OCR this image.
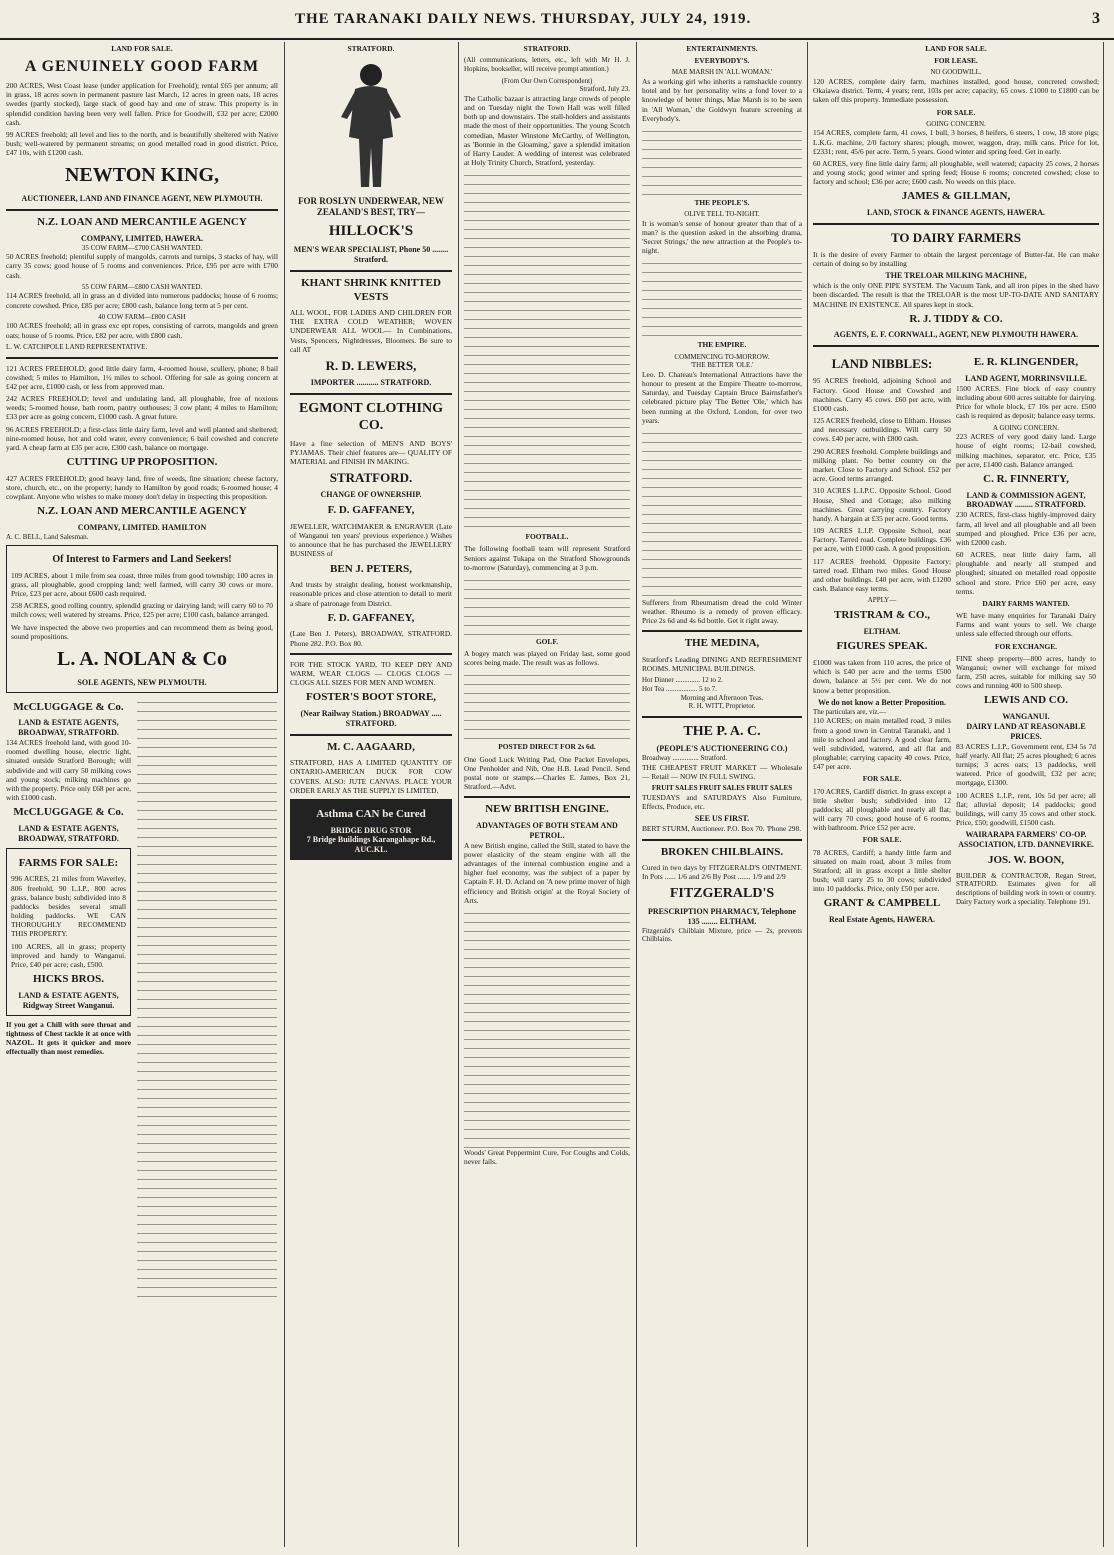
THE TARANAKI DAILY NEWS. THURSDAY, JULY 24, 1919.	3
LAND FOR SALE.
A GENUINELY GOOD FARM

200 ACRES, West Coast lease (under application for Freehold); rental £65 per annum; all in grass, 18 acres sown in permanent pasture last March, 12 acres in green oats, 18 acres swedes (partly stocked), large stack of good hay and one of straw. This property is in splendid condition having been very well fallen. Price for Goodwill, £32 per acre; £2000 cash.

99 ACRES freehold; all level and lies to the north, and is beautifully sheltered with Native bush; well-watered by permanent streams; on good metalled road in good district. Price, £47 10s, with £1200 cash.

NEWTON KING,
AUCTIONEER, LAND AND FINANCE AGENT, NEW PLYMOUTH.
N.Z. LOAN AND MERCANTILE AGENCY
COMPANY, LIMITED, HAWERA.
35 COW FARM—£700 CASH WANTED.

50 ACRES freehold; plentiful supply of mangolds, carrots and turnips, 3 stacks of hay, will carry 35 cows; good house of 5 rooms and conveniences. Price, £95 per acre with £700 cash.

55 COW FARM—£800 CASH WANTED.

114 ACRES freehold, all in grass an d divided into numerous paddocks; house of 6 rooms; concrete cowshed. Price, £85 per acre; £800 cash, balance long term at 5 per cent.

40 COW FARM—£800 CASH

100 ACRES freehold; all in grass exc ept ropes, consisting of carrots, mangolds and green oats; house of 5 rooms. Price, £82 per acre, with £800 cash.

L. W. CATCHPOLE LAND REPRESENTATIVE.

121 ACRES FREEHOLD; good little dairy farm, 4-roomed house, scullery, phone; 8 bail cowshed; 5 miles to Hamilton, 1½ miles to school. Offering for sale as going concern at £42 per acre, £1000 cash, or less from approved man.

242 ACRES FREEHOLD; level and undulating land, all ploughable, free of noxious weeds; 5-roomed house, bath room, pantry outhouses; 3 cow plant; 4 miles to Hamilton; £33 per acre as going concern, £1000 cash. A great future.

96 ACRES FREEHOLD; a first-class little dairy farm, level and well planted and sheltered; nine-roomed house, hot and cold water, every convenience; 6 bail cowshed and concrete yard. A cheap farm at £35 per acre, £300 cash, balance on mortgage.

CUTTING UP PROPOSITION.

427 ACRES FREEHOLD; good heavy land, free of weeds, fine situation; cheese factory, store, church, etc., on the property; handy to Hamilton by good roads; 6-roomed house; 4 cowplant. Anyone who wishes to make money don't delay in inspecting this proposition.

N.Z. LOAN AND MERCANTILE AGENCY
COMPANY, LIMITED. HAMILTON
A. C. BELL, Land Salesman.
Of Interest to Farmers and Land Seekers!

109 ACRES, about 1 mile from sea coast, three miles from good township; 100 acres in grass, all ploughable, good cropping land; well farmed, will carry 30 cows or more. Price, £23 per acre, about £600 cash required.

258 ACRES, good rolling country, splendid grazing or dairying land; will carry 60 to 70 milch cows; well watered by streams. Price, £25 per acre; £100 cash, balance arranged.

We have inspected the above two properties and can recommend them as being good, sound propositions.

L. A. NOLAN & Co
SOLE AGENTS, NEW PLYMOUTH.
McCLUGGAGE & Co.
LAND & ESTATE AGENTS, BROADWAY, STRATFORD.

134 ACRES freehold land, with good 10-roomed dwelling house, electric light, situated outside Stratford Borough; will subdivide and will carry 50 milking cows and young stock; milking machines go with the property. Price only £68 per acre, with £1000 cash.

McCLUGGAGE & Co.
LAND & ESTATE AGENTS, BROADWAY, STRATFORD.
FARMS FOR SALE:

996 ACRES, 21 miles from Waverley, 806 freehold, 90 L.I.P., 800 acres grass, balance bush; subdivided into 8 paddocks besides several small holding paddocks. WE CAN THOROUGHLY RECOMMEND THIS PROPERTY.

100 ACRES, all in grass; property improved and handy to Wanganui. Price, £40 per acre; cash, £500.

HICKS BROS.
LAND & ESTATE AGENTS, Ridgway Street Wanganui.

If you get a Chill with sore throat and tightness of Chest tackle it at once with NAZOL. It gets it quicker and more effectually than most remedies.

STRATFORD.
FOR ROSLYN UNDERWEAR, NEW ZEALAND'S BEST, TRY—
HILLOCK'S
MEN'S WEAR SPECIALIST, Phone 50 ........ Stratford.
KHANT SHRINK KNITTED VESTS

ALL WOOL, FOR LADIES AND CHILDREN FOR THE EXTRA COLD WEATHER; WOVEN UNDERWEAR ALL WOOL— In Combinations, Vests, Spencers, Nightdresses, Bloomers. Be sure to call AT

R. D. LEWERS,
IMPORTER ........... STRATFORD.
EGMONT CLOTHING CO.

Have a fine selection of MEN'S AND BOYS' PYJAMAS. Their chief features are— QUALITY OF MATERIAL and FINISH IN MAKING.

STRATFORD.
CHANGE OF OWNERSHIP.
F. D. GAFFANEY,

JEWELLER, WATCHMAKER & ENGRAVER (Late of Wanganui ten years' previous experience.) Wishes to announce that he has purchased the JEWELLERY BUSINESS of

BEN J. PETERS,

And trusts by straight dealing, honest workmanship, reasonable prices and close attention to detail to merit a share of patronage from District.

F. D. GAFFANEY,

(Late Ben J. Peters), BROADWAY, STRATFORD. Phone 282. P.O. Box 80.

FOR THE STOCK YARD, TO KEEP DRY AND WARM, WEAR CLOGS — CLOGS CLOGS — CLOGS ALL SIZES FOR MEN AND WOMEN.

FOSTER'S BOOT STORE,
(Near Railway Station.) BROADWAY ..... STRATFORD.
M. C. AAGAARD,

STRATFORD, HAS A LIMITED QUANTITY OF ONTARIO-AMERICAN DUCK FOR COW COVERS. ALSO: JUTE CANVAS. PLACE YOUR ORDER EARLY AS THE SUPPLY IS LIMITED.

Asthma CAN be Cured
BRIDGE DRUG STOR
7 Bridge Buildings Karangahape Rd., AUC.KL.
STRATFORD.

(All communications, letters, etc., left with Mr H. J. Hopkins, bookseller, will receive prompt attention.)

(From Our Own Correspondent)
Stratford, July 23.

The Catholic bazaar is attracting large crowds of people and on Tuesday night the Town Hall was well filled both up and downstairs. The stall-holders and assistants made the most of their opportunities. The young Scotch comedian, Master Winstone McCarthy, of Wellington, as 'Bonnie in the Gloaming,' gave a splendid imitation of Harry Lauder. A wedding of interest was celebrated at Holy Trinity Church, Stratford, yesterday.

FOOTBALL.

The following football team will represent Stratford Seniors against Tukapa on the Stratford Showgrounds to-morrow (Saturday), commencing at 3 p.m.

GOLF.

A bogey match was played on Friday last, some good scores being made. The result was as follows.

POSTED DIRECT FOR 2s 6d.

One Good Luck Writing Pad, One Packet Envelopes, One Penholder and Nib, One H.B. Lead Pencil. Send postal note or stamps.—Charles E. James, Box 21, Stratford.—Advt.

NEW BRITISH ENGINE.
ADVANTAGES OF BOTH STEAM AND PETROL.

A new British engine, called the Still, stated to have the power elasticity of the steam engine with all the advantages of the internal combustion engine and a higher fuel economy, was the subject of a paper by Captain F. H. D. Acland on 'A new prime mover of high efficiency and British origin' at the Royal Society of Arts.

Woods' Great Peppermint Cure, For Coughs and Colds, never fails.

ENTERTAINMENTS.
EVERYBODY'S.
MAE MARSH IN 'ALL WOMAN.'

As a working girl who inherits a ramshackle country hotel and by her personality wins a fond lover to a knowledge of better things, Mae Marsh is to be seen in 'All Woman,' the Goldwyn feature screening at Everybody's.

THE PEOPLE'S.
OLIVE TELL TO-NIGHT.

It is woman's sense of honour greater than that of a man? is the question asked in the absorbing drama, 'Secret Strings,' the new attraction at the People's to-night.

THE EMPIRE.
COMMENCING TO-MORROW.
'THE BETTER 'OLE.'

Leo. D. Chateau's International Attractions have the honour to present at the Empire Theatre to-morrow, Saturday, and Tuesday Captain Bruce Bairnsfather's celebrated picture play 'The Better 'Ole,' which has been running at the Oxford, London, for over two years.

Sufferers from Rheumatism dread the cold Winter weather. Rheumo is a remedy of proven efficacy. Price 2s 6d and 4s 6d bottle. Get it right away.

THE MEDINA,

Stratford's Leading DINING AND REFRESHMENT ROOMS. MUNICIPAL BUILDINGS.

Hot Dinner .............. 12 to 2.
Hot Tea .................. 5 to 7.
Morning and Afternoon Teas.
R. H. WITT, Proprietor.
THE P. A. C.
(PEOPLE'S AUCTIONEERING CO.)
Broadway ............... Stratford.

THE CHEAPEST FRUIT MARKET — Wholesale — Retail — NOW IN FULL SWING.

FRUIT SALES FRUIT SALES FRUIT SALES

TUESDAYS and SATURDAYS Also Furniture, Effects, Produce, etc.

SEE US FIRST.

BERT STURM, Auctioneer. P.O. Box 70. 'Phone 298.

BROKEN CHILBLAINS.

Cured in two days by FITZGERALD'S OINTMENT. In Pots ...... 1/6 and 2/6 By Post ....... 1/9 and 2/9

FITZGERALD'S
PRESCRIPTION PHARMACY, Telephone 135 ........ ELTHAM.

Fitzgerald's Chilblain Mixture, price — 2s, prevents Chilblains.

LAND FOR SALE.
FOR LEASE.
NO GOODWILL.

120 ACRES, complete dairy farm, machines installed, good house, concreted cowshed; Okaiawa district. Term, 4 years; rent, 103s per acre; capacity, 65 cows. £1000 to £1800 can be taken off this property. Immediate possession.

FOR SALE.
GOING CONCERN.

154 ACRES, complete farm, 41 cows, 1 bull, 3 horses, 8 heifers, 6 steers, 1 cow, 18 store pigs; L.K.G. machine, 2/0 factory shares; plough, mower, waggon, dray, milk cans. Price for lot, £2331; rent, 45/6 per acre. Term, 5 years. Good winter and spring feed. Get in early.

60 ACRES, very fine little dairy farm; all ploughable, well watered; capacity 25 cows, 2 horses and young stock; good winter and spring feed; House 6 rooms; concreted cowshed; close to factory and school; £36 per acre; £600 cash. No weeds on this place.

JAMES & GILLMAN,
LAND, STOCK & FINANCE AGENTS, HAWERA.
TO DAIRY FARMERS

It is the desire of every Farmer to obtain the largest percentage of Butter-fat. He can make certain of doing so by installing

THE TRELOAR MILKING MACHINE,

which is the only ONE PIPE SYSTEM. The Vacuum Tank, and all iron pipes in the shed have been discarded. The result is that the TRELOAR is the most UP-TO-DATE AND SANITARY MACHINE IN EXISTENCE. All spares kept in stock.

R. J. TIDDY & CO.
AGENTS, E. F. CORNWALL, AGENT, NEW PLYMOUTH HAWERA.
LAND NIBBLES:

95 ACRES freehold, adjoining School and Factory. Good House and Cowshed and machines. Carry 45 cows. £60 per acre, with £1000 cash.

125 ACRES freehold, close to Eltham. Houses and necessary outbuildings. Will carry 50 cows. £40 per acre, with £800 cash.

290 ACRES freehold. Complete buildings and milking plant. No better country on the market. Close to Factory and School. £52 per acre. Good terms arranged.

310 ACRES L.I.P.C. Opposite School. Good House, Shed and Cottage; also milking machines. Great carrying country. Factory handy. A bargain at £35 per acre. Good terms.

109 ACRES L.I.P. Opposite School, near Factory. Tarred road. Complete buildings. £36 per acre, with £1000 cash. A good proposition.

117 ACRES freehold. Opposite Factory; tarred road. Eltham two miles. Good House and other buildings. £40 per acre, with £1200 cash. Balance easy terms.

APPLY—
TRISTRAM & CO.,
ELTHAM.
FIGURES SPEAK.

£1000 was taken from 110 acres, the price of which is £40 per acre and the terms £500 down, balance at 5½ per cent. We do not know a better proposition.

We do not know a Better Proposition.
The particulars are, viz.—

110 ACRES; on main metalled road, 3 miles from a good town in Central Taranaki, and 1 mile to school and factory. A good clear farm, well subdivided, watered, and all flat and ploughable; carrying capacity 40 cows. Price, £47 per acre.

FOR SALE.

170 ACRES, Cardiff district. In grass except a little shelter bush; subdivided into 12 paddocks; all ploughable and nearly all flat; will carry 70 cows; good house of 6 rooms, with bathroom. Price £52 per acre.

FOR SALE.

78 ACRES, Cardiff; a handy little farm and situated on main road, about 3 miles from Stratford; all in grass except a little shelter bush; will carry 25 to 30 cows; subdivided into 10 paddocks. Price, only £50 per acre.

GRANT & CAMPBELL
Real Estate Agents, HAWERA.
E. R. KLINGENDER,
LAND AGENT, MORRINSVILLE.

1500 ACRES. Fine block of easy country including about 600 acres suitable for dairying. Price for whole block, £7 10s per acre. £500 cash is required as deposit; balance easy terms.

A GOING CONCERN.

223 ACRES of very good dairy land. Large house of eight rooms; 12-bail cowshed, milking machines, separator, etc. Price, £35 per acre, £1400 cash. Balance arranged.

C. R. FINNERTY,
LAND & COMMISSION AGENT, BROADWAY ......... STRATFORD.

230 ACRES, first-class highly-improved dairy farm, all level and all ploughable and all been stumped and ploughed. Price £36 per acre, with £2000 cash.

60 ACRES, neat little dairy farm, all ploughable and nearly all stumped and ploughed; situated on metalled road opposite school and store. Price £60 per acre, easy terms.

DAIRY FARMS WANTED.

WE have many enquiries for Taranaki Dairy Farms and want yours to sell. We charge unless sale effected through our efforts.

FOR EXCHANGE.

FINE sheep property—800 acres, handy to Wanganui; owner will exchange for mixed farm, 250 acres, suitable for milking say 50 cows and running 400 to 500 sheep.

LEWIS AND CO.
WANGANUI.
DAIRY LAND AT REASONABLE PRICES.

83 ACRES L.I.P., Government rent, £34 5s 7d half yearly. All flat; 25 acres ploughed; 6 acres turnips; 3 acres oats; 13 paddocks, well watered. Price of goodwill, £32 per acre; mortgage, £1300.

100 ACRES L.I.P., rent, 10s 5d per acre; all flat; alluvial deposit; 14 paddocks; good buildings, will carry 35 cows and other stock. Price, £50; goodwill, £1500 cash.

WAIRARAPA FARMERS' CO-OP. ASSOCIATION, LTD. DANNEVIRKE.
JOS. W. BOON,

BUILDER & CONTRACTOR, Regan Street, STRATFORD. Estimates given for all descriptions of building work in town or country. Dairy Factory work a speciality. Telephone 191.
